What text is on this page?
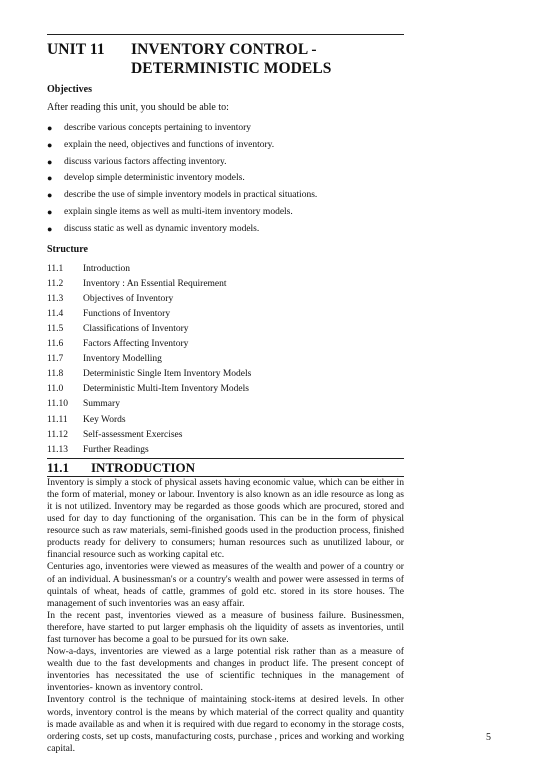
UNIT 11	INVENTORY CONTROL -
DETERMINISTIC MODELS
Objectives
After reading this unit, you should be able to:
●	describe various concepts pertaining to inventory
●	explain the need, objectives and functions of inventory.
●	discuss various factors affecting inventory.
●	develop simple deterministic inventory models.
●	describe the use of simple inventory models in practical situations.
●	explain single items as well as multi-item inventory models.
●	discuss static as well as dynamic inventory models.
Structure
11.1	Introduction
11.2	Inventory : An Essential Requirement
11.3	Objectives of Inventory
11.4	Functions of Inventory
11.5	Classifications of Inventory
11.6	Factors Affecting Inventory
11.7	Inventory Modelling
11.8	Deterministic Single Item Inventory Models
11.0	Deterministic Multi-Item Inventory Models
11.10	Summary
11.11	Key Words
11.12	Self-assessment Exercises
11.13	Further Readings
11.1	INTRODUCTION

Inventory is simply a stock of physical assets having economic value, which can be either in the form of material, money or labour. Inventory is also known as an idle resource as long as it is not utilized. Inventory may be regarded as those goods which are procured, stored and used for day to day functioning of the organisation. This can be in the form of physical resource such as raw materials, semi-finished goods used in the production process, finished products ready for delivery to consumers; human resources such as unutilized labour, or financial resource such as working capital etc.

Centuries ago, inventories were viewed as measures of the wealth and power of a country or of an individual. A businessman's or a country's wealth and power were assessed in terms of quintals of wheat, heads of cattle, grammes of gold etc. stored in its store houses. The management of such inventories was an easy affair.

In the recent past, inventories viewed as a measure of business failure. Businessmen, therefore, have started to put larger emphasis oh the liquidity of assets as inventories, until fast turnover has become a goal to be pursued for its own sake.

Now-a-days, inventories are viewed as a large potential risk rather than as a measure of wealth due to the fast developments and changes in product life. The present concept of inventories has necessitated the use of scientific techniques in the management of inventories- known as inventory control.

Inventory control is the technique of maintaining stock-items at desired levels. In other words, inventory control is the means by which material of the correct quality and quantity is made available as and when it is required with due regard to economy in the storage costs, ordering costs, set up costs, manufacturing costs, purchase , prices and working and working capital.

5
